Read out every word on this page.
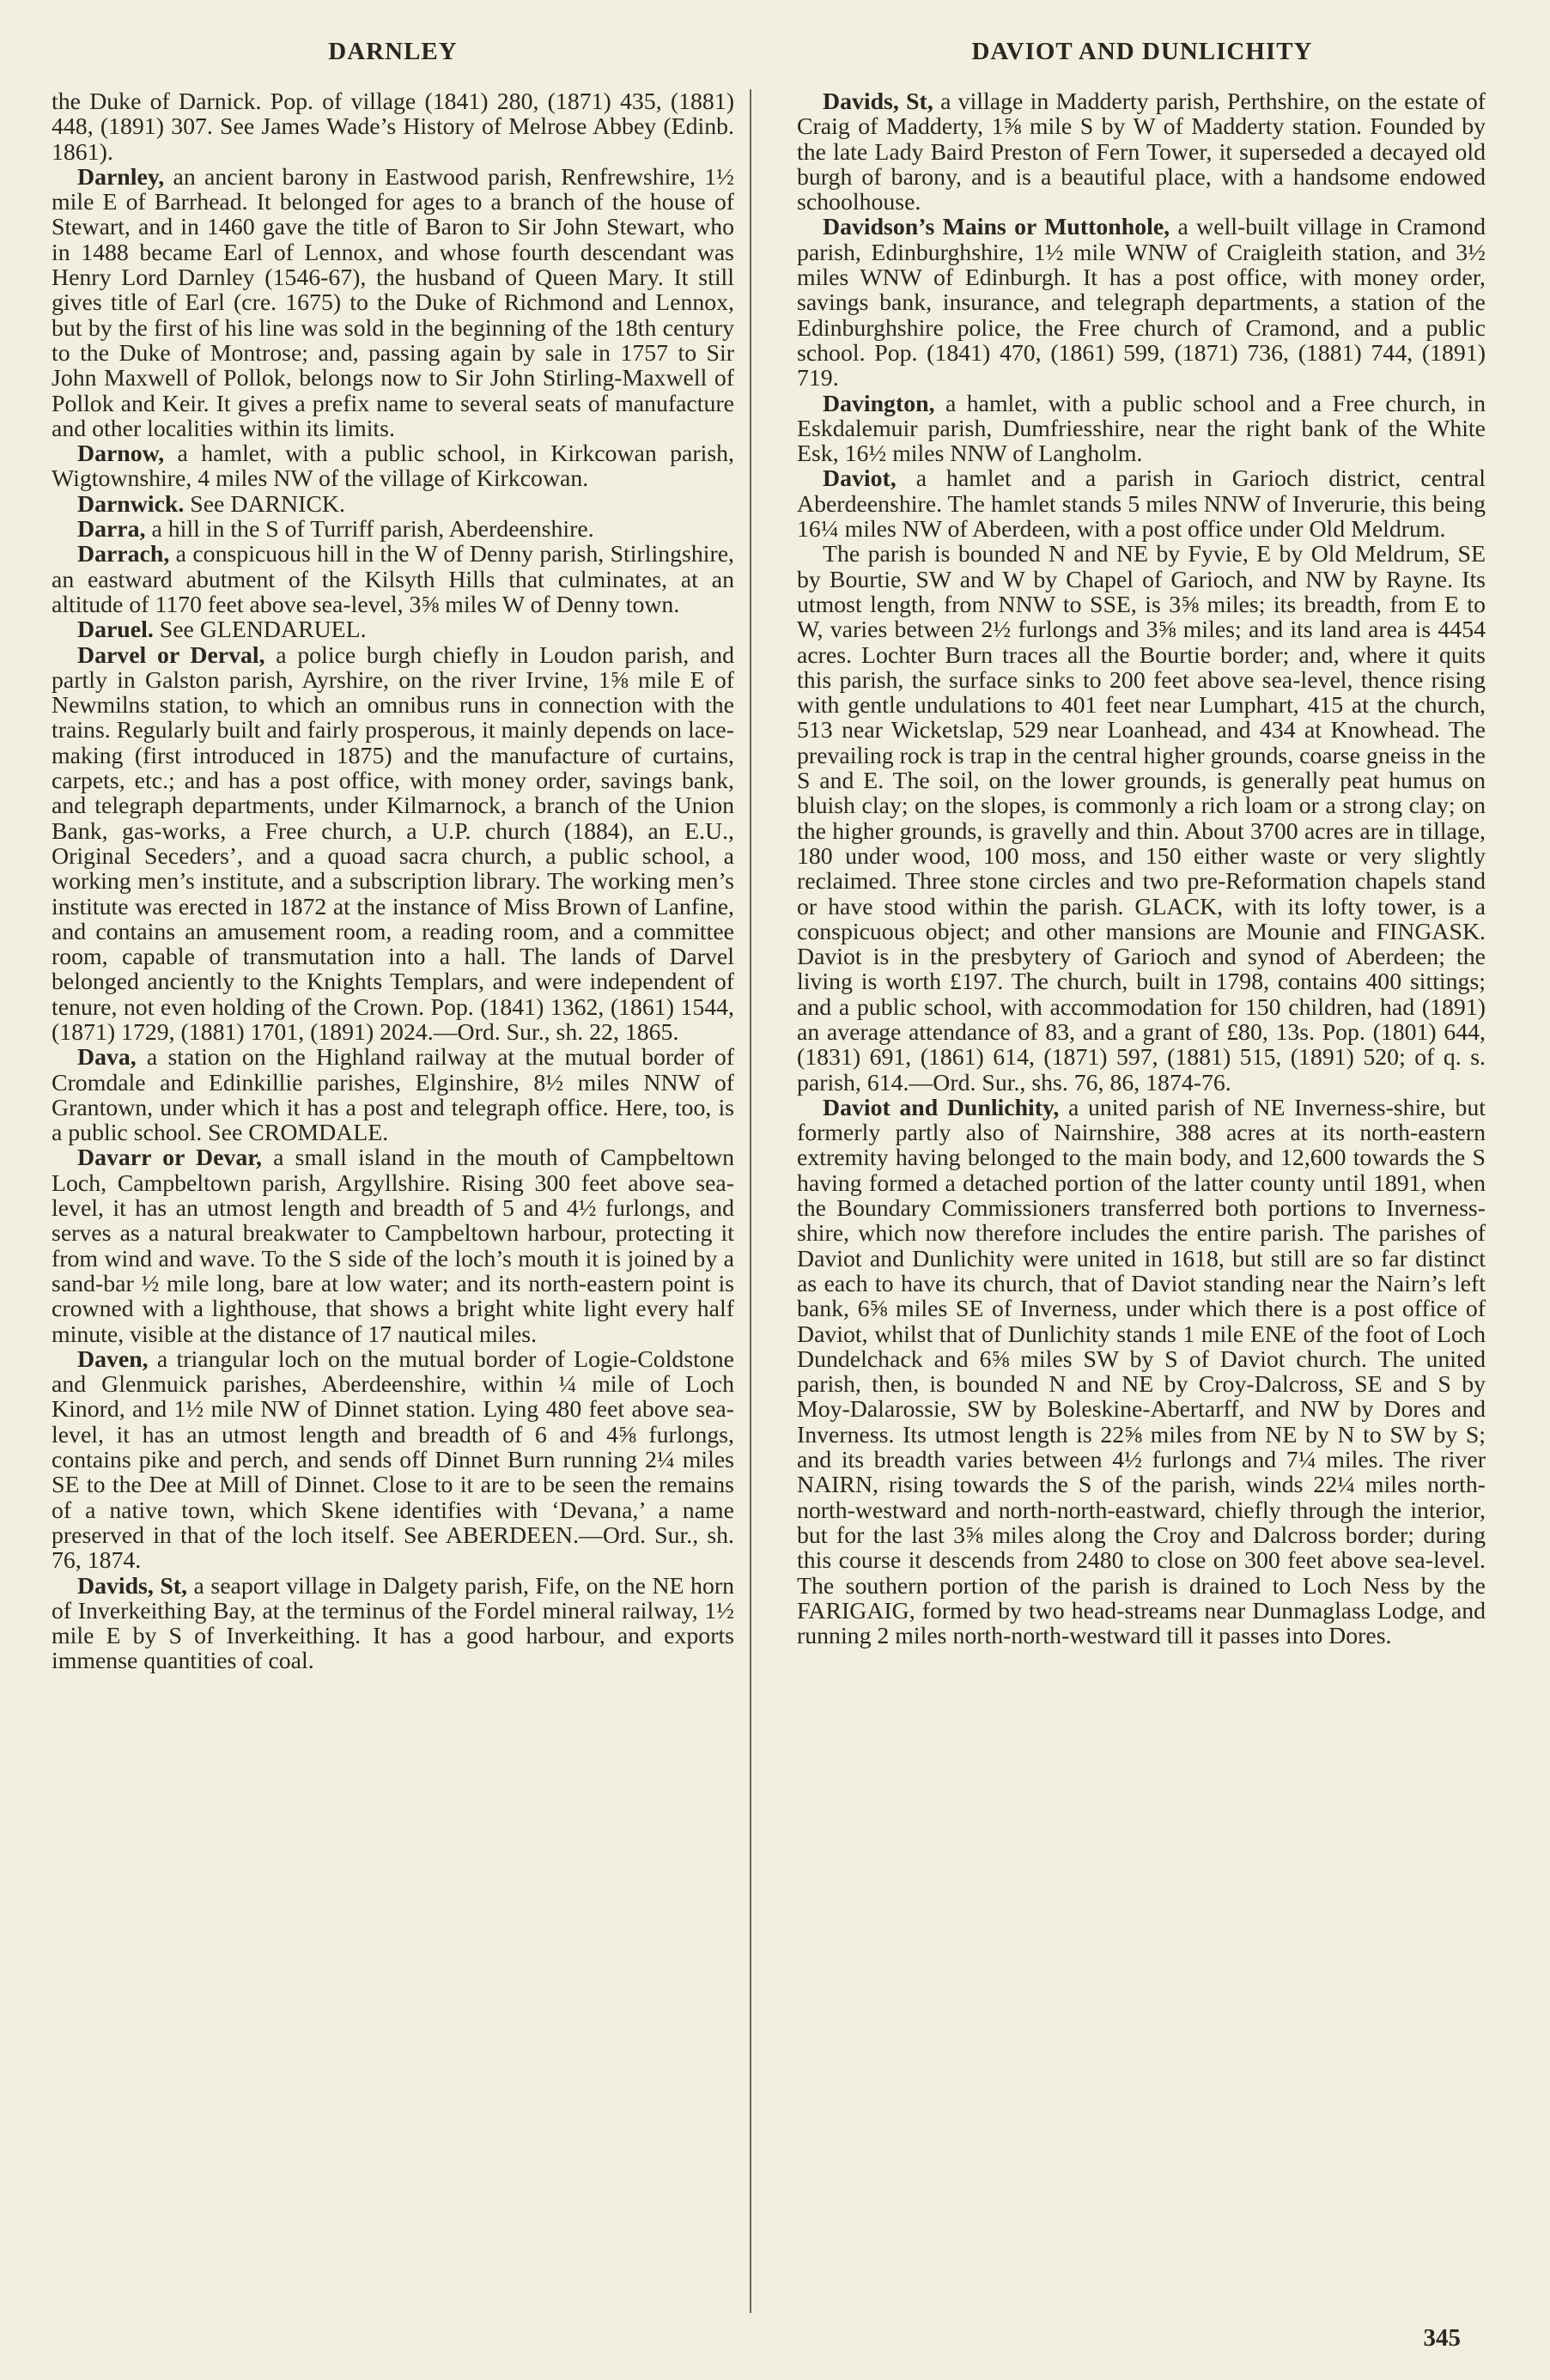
DARNLEY	DAVIOT AND DUNLICHITY

the Duke of Darnick. Pop. of village (1841) 280, (1871) 435, (1881) 448, (1891) 307. See James Wade’s History of Melrose Abbey (Edinb. 1861).

Darnley, an ancient barony in Eastwood parish, Renfrewshire, 1½ mile E of Barrhead. It belonged for ages to a branch of the house of Stewart, and in 1460 gave the title of Baron to Sir John Stewart, who in 1488 became Earl of Lennox, and whose fourth descendant was Henry Lord Darnley (1546-67), the husband of Queen Mary. It still gives title of Earl (cre. 1675) to the Duke of Richmond and Lennox, but by the first of his line was sold in the beginning of the 18th century to the Duke of Montrose; and, passing again by sale in 1757 to Sir John Maxwell of Pollok, belongs now to Sir John Stirling-Maxwell of Pollok and Keir. It gives a prefix name to several seats of manufacture and other localities within its limits.

Darnow, a hamlet, with a public school, in Kirkcowan parish, Wigtownshire, 4 miles NW of the village of Kirkcowan.

Darnwick. See DARNICK.

Darra, a hill in the S of Turriff parish, Aberdeenshire.

Darrach, a conspicuous hill in the W of Denny parish, Stirlingshire, an eastward abutment of the Kilsyth Hills that culminates, at an altitude of 1170 feet above sea-level, 3⅝ miles W of Denny town.

Daruel. See GLENDARUEL.

Darvel or Derval, a police burgh chiefly in Loudon parish, and partly in Galston parish, Ayrshire, on the river Irvine, 1⅝ mile E of Newmilns station, to which an omnibus runs in connection with the trains. Regularly built and fairly prosperous, it mainly depends on lace-making (first introduced in 1875) and the manufacture of curtains, carpets, etc.; and has a post office, with money order, savings bank, and telegraph departments, under Kilmarnock, a branch of the Union Bank, gas-works, a Free church, a U.P. church (1884), an E.U., Original Seceders’, and a quoad sacra church, a public school, a working men’s institute, and a subscription library. The working men’s institute was erected in 1872 at the instance of Miss Brown of Lanfine, and contains an amusement room, a reading room, and a committee room, capable of transmutation into a hall. The lands of Darvel belonged anciently to the Knights Templars, and were independent of tenure, not even holding of the Crown. Pop. (1841) 1362, (1861) 1544, (1871) 1729, (1881) 1701, (1891) 2024.—Ord. Sur., sh. 22, 1865.

Dava, a station on the Highland railway at the mutual border of Cromdale and Edinkillie parishes, Elginshire, 8½ miles NNW of Grantown, under which it has a post and telegraph office. Here, too, is a public school. See CROMDALE.

Davarr or Devar, a small island in the mouth of Campbeltown Loch, Campbeltown parish, Argyllshire. Rising 300 feet above sea-level, it has an utmost length and breadth of 5 and 4½ furlongs, and serves as a natural breakwater to Campbeltown harbour, protecting it from wind and wave. To the S side of the loch’s mouth it is joined by a sand-bar ½ mile long, bare at low water; and its north-eastern point is crowned with a lighthouse, that shows a bright white light every half minute, visible at the distance of 17 nautical miles.

Daven, a triangular loch on the mutual border of Logie-Coldstone and Glenmuick parishes, Aberdeenshire, within ¼ mile of Loch Kinord, and 1½ mile NW of Dinnet station. Lying 480 feet above sea-level, it has an utmost length and breadth of 6 and 4⅝ furlongs, contains pike and perch, and sends off Dinnet Burn running 2¼ miles SE to the Dee at Mill of Dinnet. Close to it are to be seen the remains of a native town, which Skene identifies with ‘Devana,’ a name preserved in that of the loch itself. See ABERDEEN.—Ord. Sur., sh. 76, 1874.

Davids, St, a seaport village in Dalgety parish, Fife, on the NE horn of Inverkeithing Bay, at the terminus of the Fordel mineral railway, 1½ mile E by S of Inverkeithing. It has a good harbour, and exports immense quantities of coal.

Davids, St, a village in Madderty parish, Perthshire, on the estate of Craig of Madderty, 1⅝ mile S by W of Madderty station. Founded by the late Lady Baird Preston of Fern Tower, it superseded a decayed old burgh of barony, and is a beautiful place, with a handsome endowed schoolhouse.

Davidson’s Mains or Muttonhole, a well-built village in Cramond parish, Edinburghshire, 1½ mile WNW of Craigleith station, and 3½ miles WNW of Edinburgh. It has a post office, with money order, savings bank, insurance, and telegraph departments, a station of the Edinburghshire police, the Free church of Cramond, and a public school. Pop. (1841) 470, (1861) 599, (1871) 736, (1881) 744, (1891) 719.

Davington, a hamlet, with a public school and a Free church, in Eskdalemuir parish, Dumfriesshire, near the right bank of the White Esk, 16½ miles NNW of Langholm.

Daviot, a hamlet and a parish in Garioch district, central Aberdeenshire. The hamlet stands 5 miles NNW of Inverurie, this being 16¼ miles NW of Aberdeen, with a post office under Old Meldrum.

The parish is bounded N and NE by Fyvie, E by Old Meldrum, SE by Bourtie, SW and W by Chapel of Garioch, and NW by Rayne. Its utmost length, from NNW to SSE, is 3⅝ miles; its breadth, from E to W, varies between 2½ furlongs and 3⅝ miles; and its land area is 4454 acres. Lochter Burn traces all the Bourtie border; and, where it quits this parish, the surface sinks to 200 feet above sea-level, thence rising with gentle undulations to 401 feet near Lumphart, 415 at the church, 513 near Wicketslap, 529 near Loanhead, and 434 at Knowhead. The prevailing rock is trap in the central higher grounds, coarse gneiss in the S and E. The soil, on the lower grounds, is generally peat humus on bluish clay; on the slopes, is commonly a rich loam or a strong clay; on the higher grounds, is gravelly and thin. About 3700 acres are in tillage, 180 under wood, 100 moss, and 150 either waste or very slightly reclaimed. Three stone circles and two pre-Reformation chapels stand or have stood within the parish. GLACK, with its lofty tower, is a conspicuous object; and other mansions are Mounie and FINGASK. Daviot is in the presbytery of Garioch and synod of Aberdeen; the living is worth £197. The church, built in 1798, contains 400 sittings; and a public school, with accommodation for 150 children, had (1891) an average attendance of 83, and a grant of £80, 13s. Pop. (1801) 644, (1831) 691, (1861) 614, (1871) 597, (1881) 515, (1891) 520; of q. s. parish, 614.—Ord. Sur., shs. 76, 86, 1874-76.

Daviot and Dunlichity, a united parish of NE Inverness-shire, but formerly partly also of Nairnshire, 388 acres at its north-eastern extremity having belonged to the main body, and 12,600 towards the S having formed a detached portion of the latter county until 1891, when the Boundary Commissioners transferred both portions to Inverness-shire, which now therefore includes the entire parish. The parishes of Daviot and Dunlichity were united in 1618, but still are so far distinct as each to have its church, that of Daviot standing near the Nairn’s left bank, 6⅝ miles SE of Inverness, under which there is a post office of Daviot, whilst that of Dunlichity stands 1 mile ENE of the foot of Loch Dundelchack and 6⅝ miles SW by S of Daviot church. The united parish, then, is bounded N and NE by Croy-Dalcross, SE and S by Moy-Dalarossie, SW by Boleskine-Abertarff, and NW by Dores and Inverness. Its utmost length is 22⅝ miles from NE by N to SW by S; and its breadth varies between 4½ furlongs and 7¼ miles. The river NAIRN, rising towards the S of the parish, winds 22¼ miles north-north-westward and north-north-eastward, chiefly through the interior, but for the last 3⅝ miles along the Croy and Dalcross border; during this course it descends from 2480 to close on 300 feet above sea-level. The southern portion of the parish is drained to Loch Ness by the FARIGAIG, formed by two head-streams near Dunmaglass Lodge, and running 2 miles north-north-westward till it passes into Dores.

345
